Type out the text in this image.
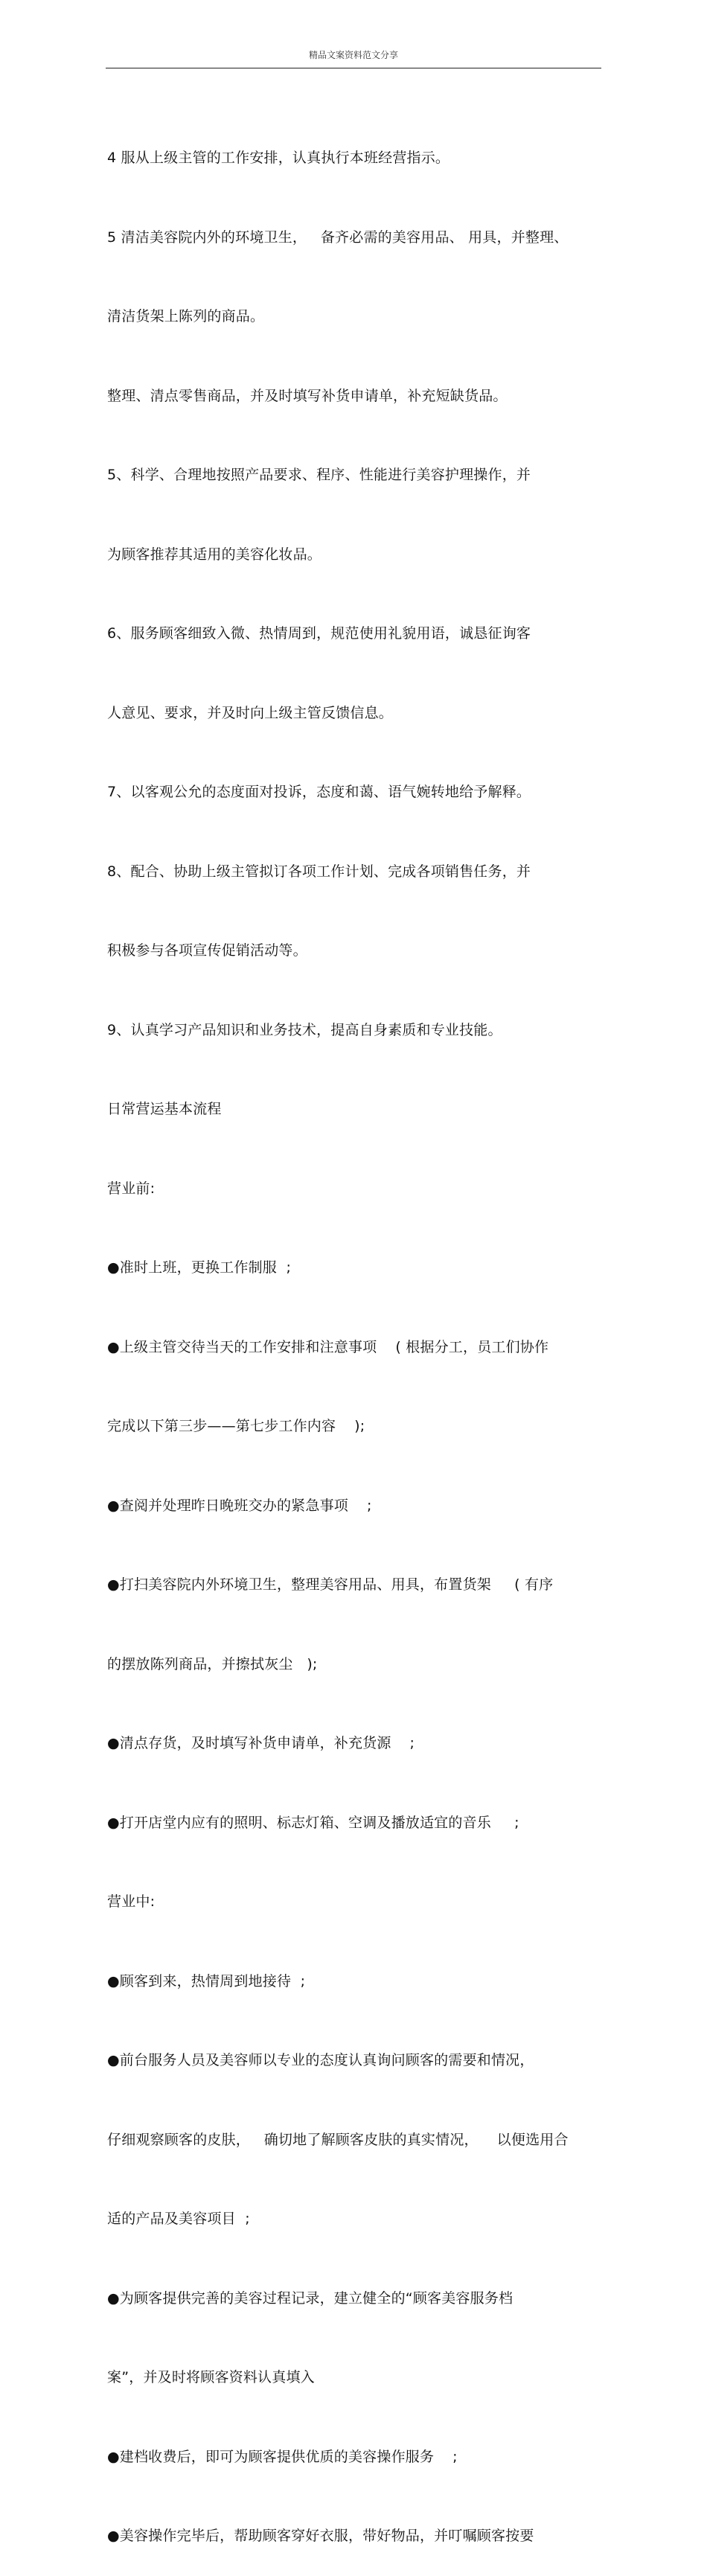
精品文案资料范文分享

4 服从上级主管的工作安排，认真执行本班经营指示。

5 清洁美容院内外的环境卫生，   备齐必需的美容用品、 用具，并整理、

清洁货架上陈列的商品。

整理、清点零售商品，并及时填写补货申请单，补充短缺货品。

5、科学、合理地按照产品要求、程序、性能进行美容护理操作，并

为顾客推荐其适用的美容化妆品。

6、服务顾客细致入微、热情周到，规范使用礼貌用语，诚恳征询客

人意见、要求，并及时向上级主管反馈信息。

7、以客观公允的态度面对投诉，态度和蔼、语气婉转地给予解释。

8、配合、协助上级主管拟订各项工作计划、完成各项销售任务，并

积极参与各项宣传促销活动等。

9、认真学习产品知识和业务技术，提高自身素质和专业技能。

日常营运基本流程

营业前:

●准时上班，更换工作制服  ;

●上级主管交待当天的工作安排和注意事项    ( 根据分工，员工们协作

完成以下第三步——第七步工作内容    );

●查阅并处理昨日晚班交办的紧急事项    ;

●打扫美容院内外环境卫生，整理美容用品、用具，布置货架     ( 有序

的摆放陈列商品，并擦拭灰尘   );

●清点存货，及时填写补货申请单，补充货源    ;

●打开店堂内应有的照明、标志灯箱、空调及播放适宜的音乐     ;

营业中:

●顾客到来，热情周到地接待  ;

●前台服务人员及美容师以专业的态度认真询问顾客的需要和情况，

仔细观察顾客的皮肤，   确切地了解顾客皮肤的真实情况，    以便选用合

适的产品及美容项目  ;

●为顾客提供完善的美容过程记录，建立健全的“顾客美容服务档

案”，并及时将顾客资料认真填入

●建档收费后，即可为顾客提供优质的美容操作服务    ;

●美容操作完毕后，帮助顾客穿好衣服，带好物品，并叮嘱顾客按要
